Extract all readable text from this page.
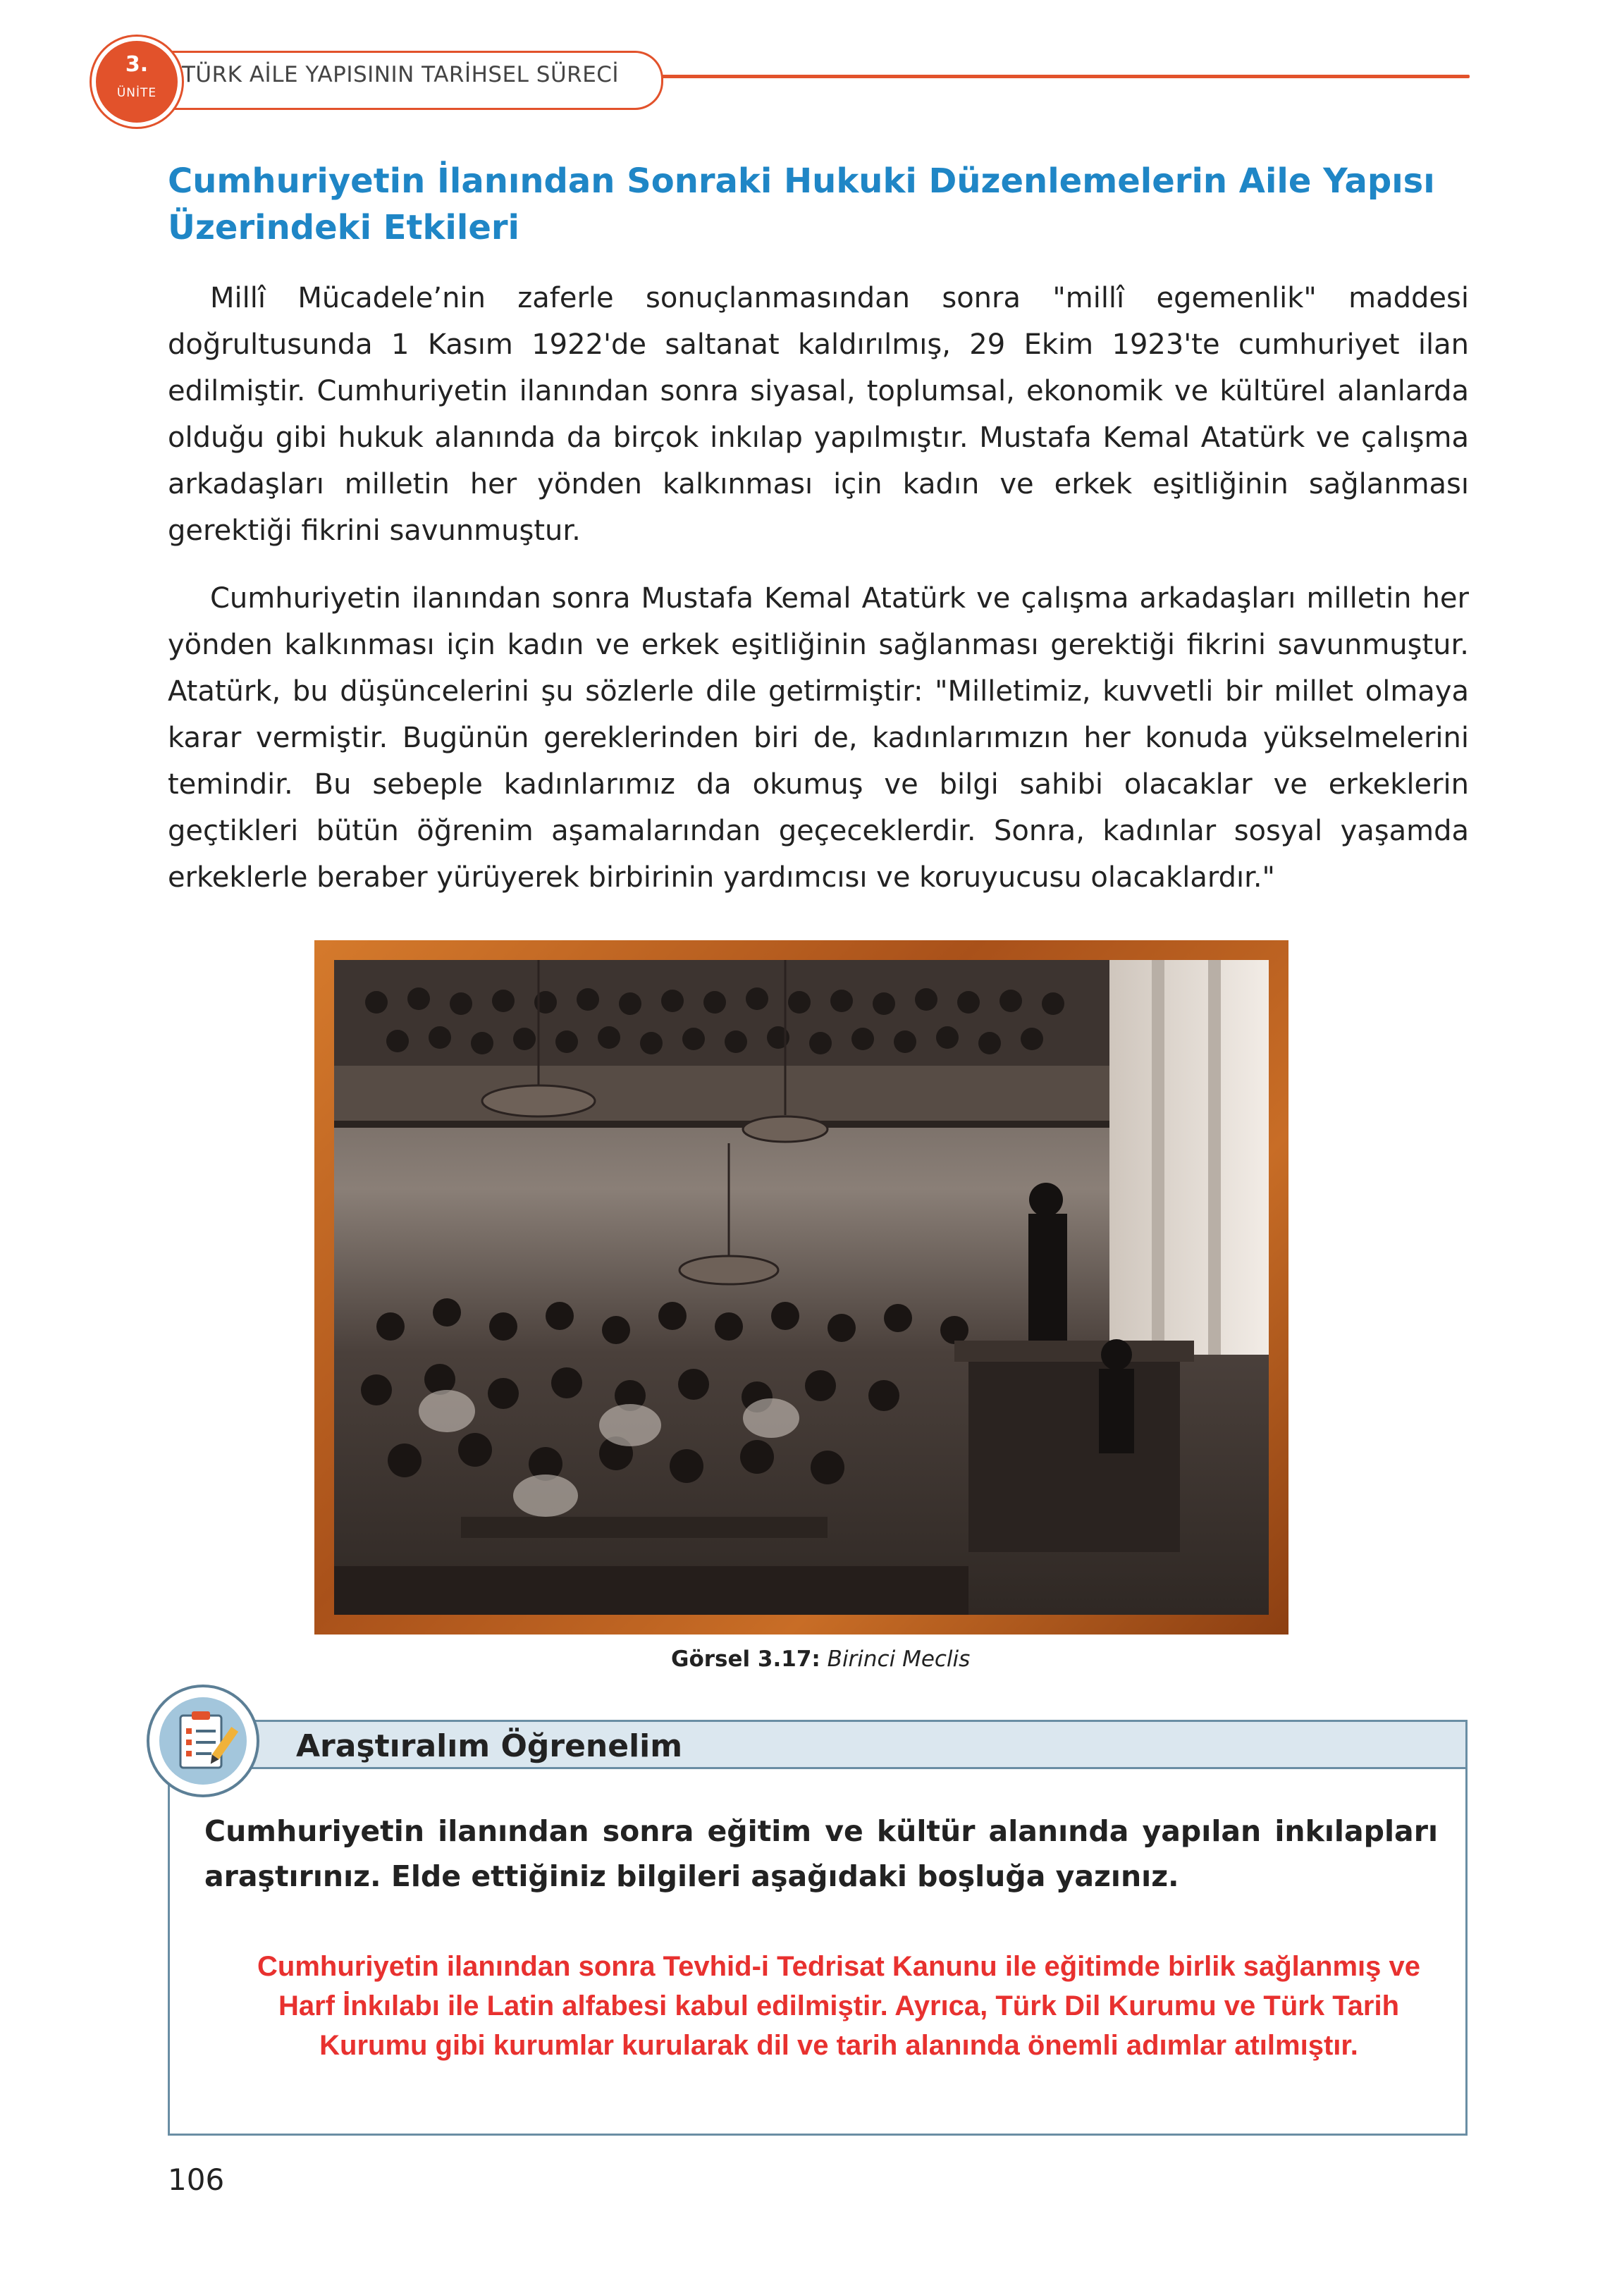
TÜRK AİLE YAPISININ TARİHSEL SÜRECİ
3.
ÜNİTE
Cumhuriyetin İlanından Sonraki Hukuki Düzenlemelerin Aile Yapısı Üzerindeki Etkileri

Millî Mücadele’nin zaferle sonuçlanmasından sonra "millî egemenlik" maddesi doğrultusunda 1 Kasım 1922'de saltanat kaldırılmış, 29 Ekim 1923'te cumhuriyet ilan edilmiştir. Cumhuriyetin ilanından sonra siyasal, toplumsal, ekonomik ve kültürel alanlarda olduğu gibi hukuk alanında da birçok inkılap yapılmıştır. Mustafa Kemal Atatürk ve çalışma arkadaşları milletin her yönden kalkınması için kadın ve erkek eşitliğinin sağlanması gerektiği fikrini savunmuştur.

Cumhuriyetin ilanından sonra Mustafa Kemal Atatürk ve çalışma arkadaşları milletin her yönden kalkınması için kadın ve erkek eşitliğinin sağlanması gerektiği fikrini savunmuştur. Atatürk, bu düşüncelerini şu sözlerle dile getirmiştir: "Milletimiz, kuvvetli bir millet olmaya karar vermiştir. Bugünün gereklerinden biri de, kadınlarımızın her konuda yükselmelerini temindir. Bu sebeple kadınlarımız da okumuş ve bilgi sahibi olacaklar ve erkeklerin geçtikleri bütün öğrenim aşamalarından geçeceklerdir. Sonra, kadınlar sosyal yaşamda erkeklerle beraber yürüyerek birbirinin yardımcısı ve koruyucusu olacaklardır."

Görsel 3.17: Birinci Meclis
Araştıralım Öğrenelim
Cumhuriyetin ilanından sonra eğitim ve kültür alanında yapılan inkılapları araştırınız. Elde ettiğiniz bilgileri aşağıdaki boşluğa yazınız.
Cumhuriyetin ilanından sonra Tevhid-i Tedrisat Kanunu ile eğitimde birlik sağlanmış ve Harf İnkılabı ile Latin alfabesi kabul edilmiştir. Ayrıca, Türk Dil Kurumu ve Türk Tarih Kurumu gibi kurumlar kurularak dil ve tarih alanında önemli adımlar atılmıştır.
106
